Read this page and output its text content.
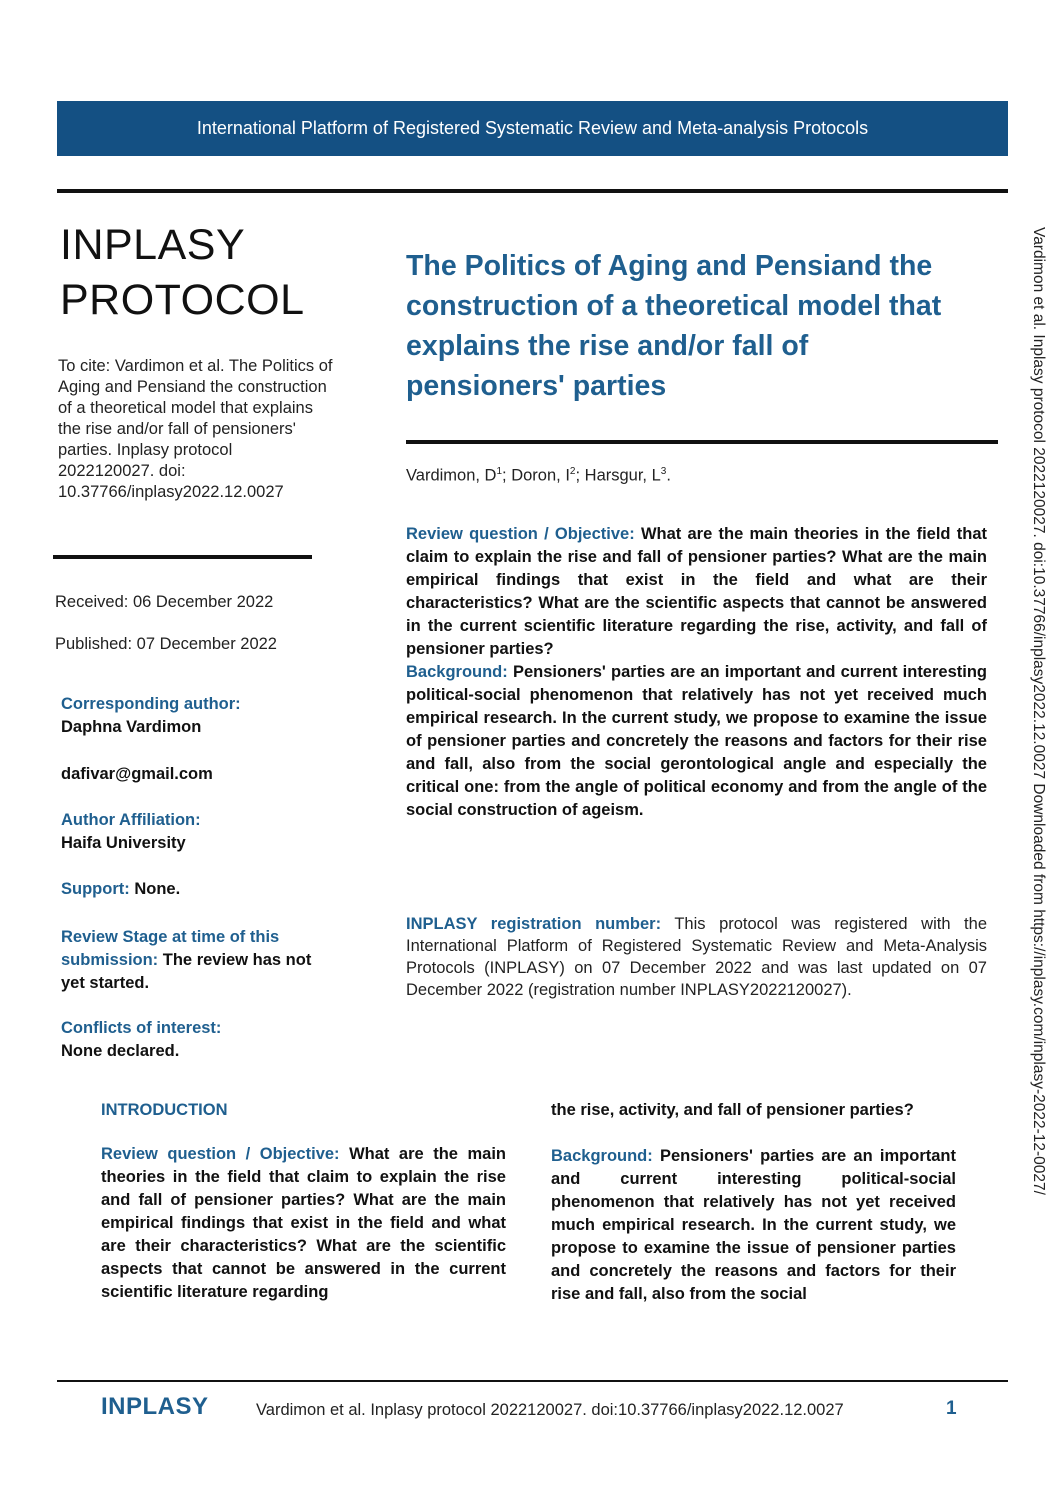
International Platform of Registered Systematic Review and Meta-analysis Protocols
INPLASY
PROTOCOL
To cite: Vardimon et al. The Politics of Aging and Pensiand the construction of a theoretical model that explains the rise and/or fall of pensioners' parties. Inplasy protocol 2022120027. doi: 10.37766/inplasy2022.12.0027
Received: 06 December 2022
Published: 07 December 2022
Corresponding author:
Daphna Vardimon
dafivar@gmail.com
Author Affiliation:
Haifa University
Support: None.
Review Stage at time of this submission: The review has not yet started.
Conflicts of interest:
None declared.
The Politics of Aging and Pensiand the construction of a theoretical model that explains the rise and/or fall of pensioners' parties
Vardimon, $D^1$; Doron, $I^2$; Harsgur, $L^3$.
Review question / Objective: What are the main theories in the field that claim to explain the rise and fall of pensioner parties? What are the main empirical findings that exist in the field and what are their characteristics? What are the scientific aspects that cannot be answered in the current scientific literature regarding the rise, activity, and fall of pensioner parties?
Background: Pensioners' parties are an important and current interesting political-social phenomenon that relatively has not yet received much empirical research. In the current study, we propose to examine the issue of pensioner parties and concretely the reasons and factors for their rise and fall, also from the social gerontological angle and especially the critical one: from the angle of political economy and from the angle of the social construction of ageism.
INPLASY registration number: This protocol was registered with the International Platform of Registered Systematic Review and Meta-Analysis Protocols (INPLASY) on 07 December 2022 and was last updated on 07 December 2022 (registration number INPLASY2022120027).
INTRODUCTION
Review question / Objective: What are the main theories in the field that claim to explain the rise and fall of pensioner parties? What are the main empirical findings that exist in the field and what are their characteristics? What are the scientific aspects that cannot be answered in the current scientific literature regarding
the rise, activity, and fall of pensioner parties?
Background: Pensioners' parties are an important and current interesting political-social phenomenon that relatively has not yet received much empirical research. In the current study, we propose to examine the issue of pensioner parties and concretely the reasons and factors for their rise and fall, also from the social
Vardimon et al. Inplasy protocol 2022120027. doi:10.37766/inplasy2022.12.0027 Downloaded from https://inplasy.com/inplasy-2022-12-0027/
INPLASY	Vardimon et al. Inplasy protocol 2022120027. doi:10.37766/inplasy2022.12.0027	1
